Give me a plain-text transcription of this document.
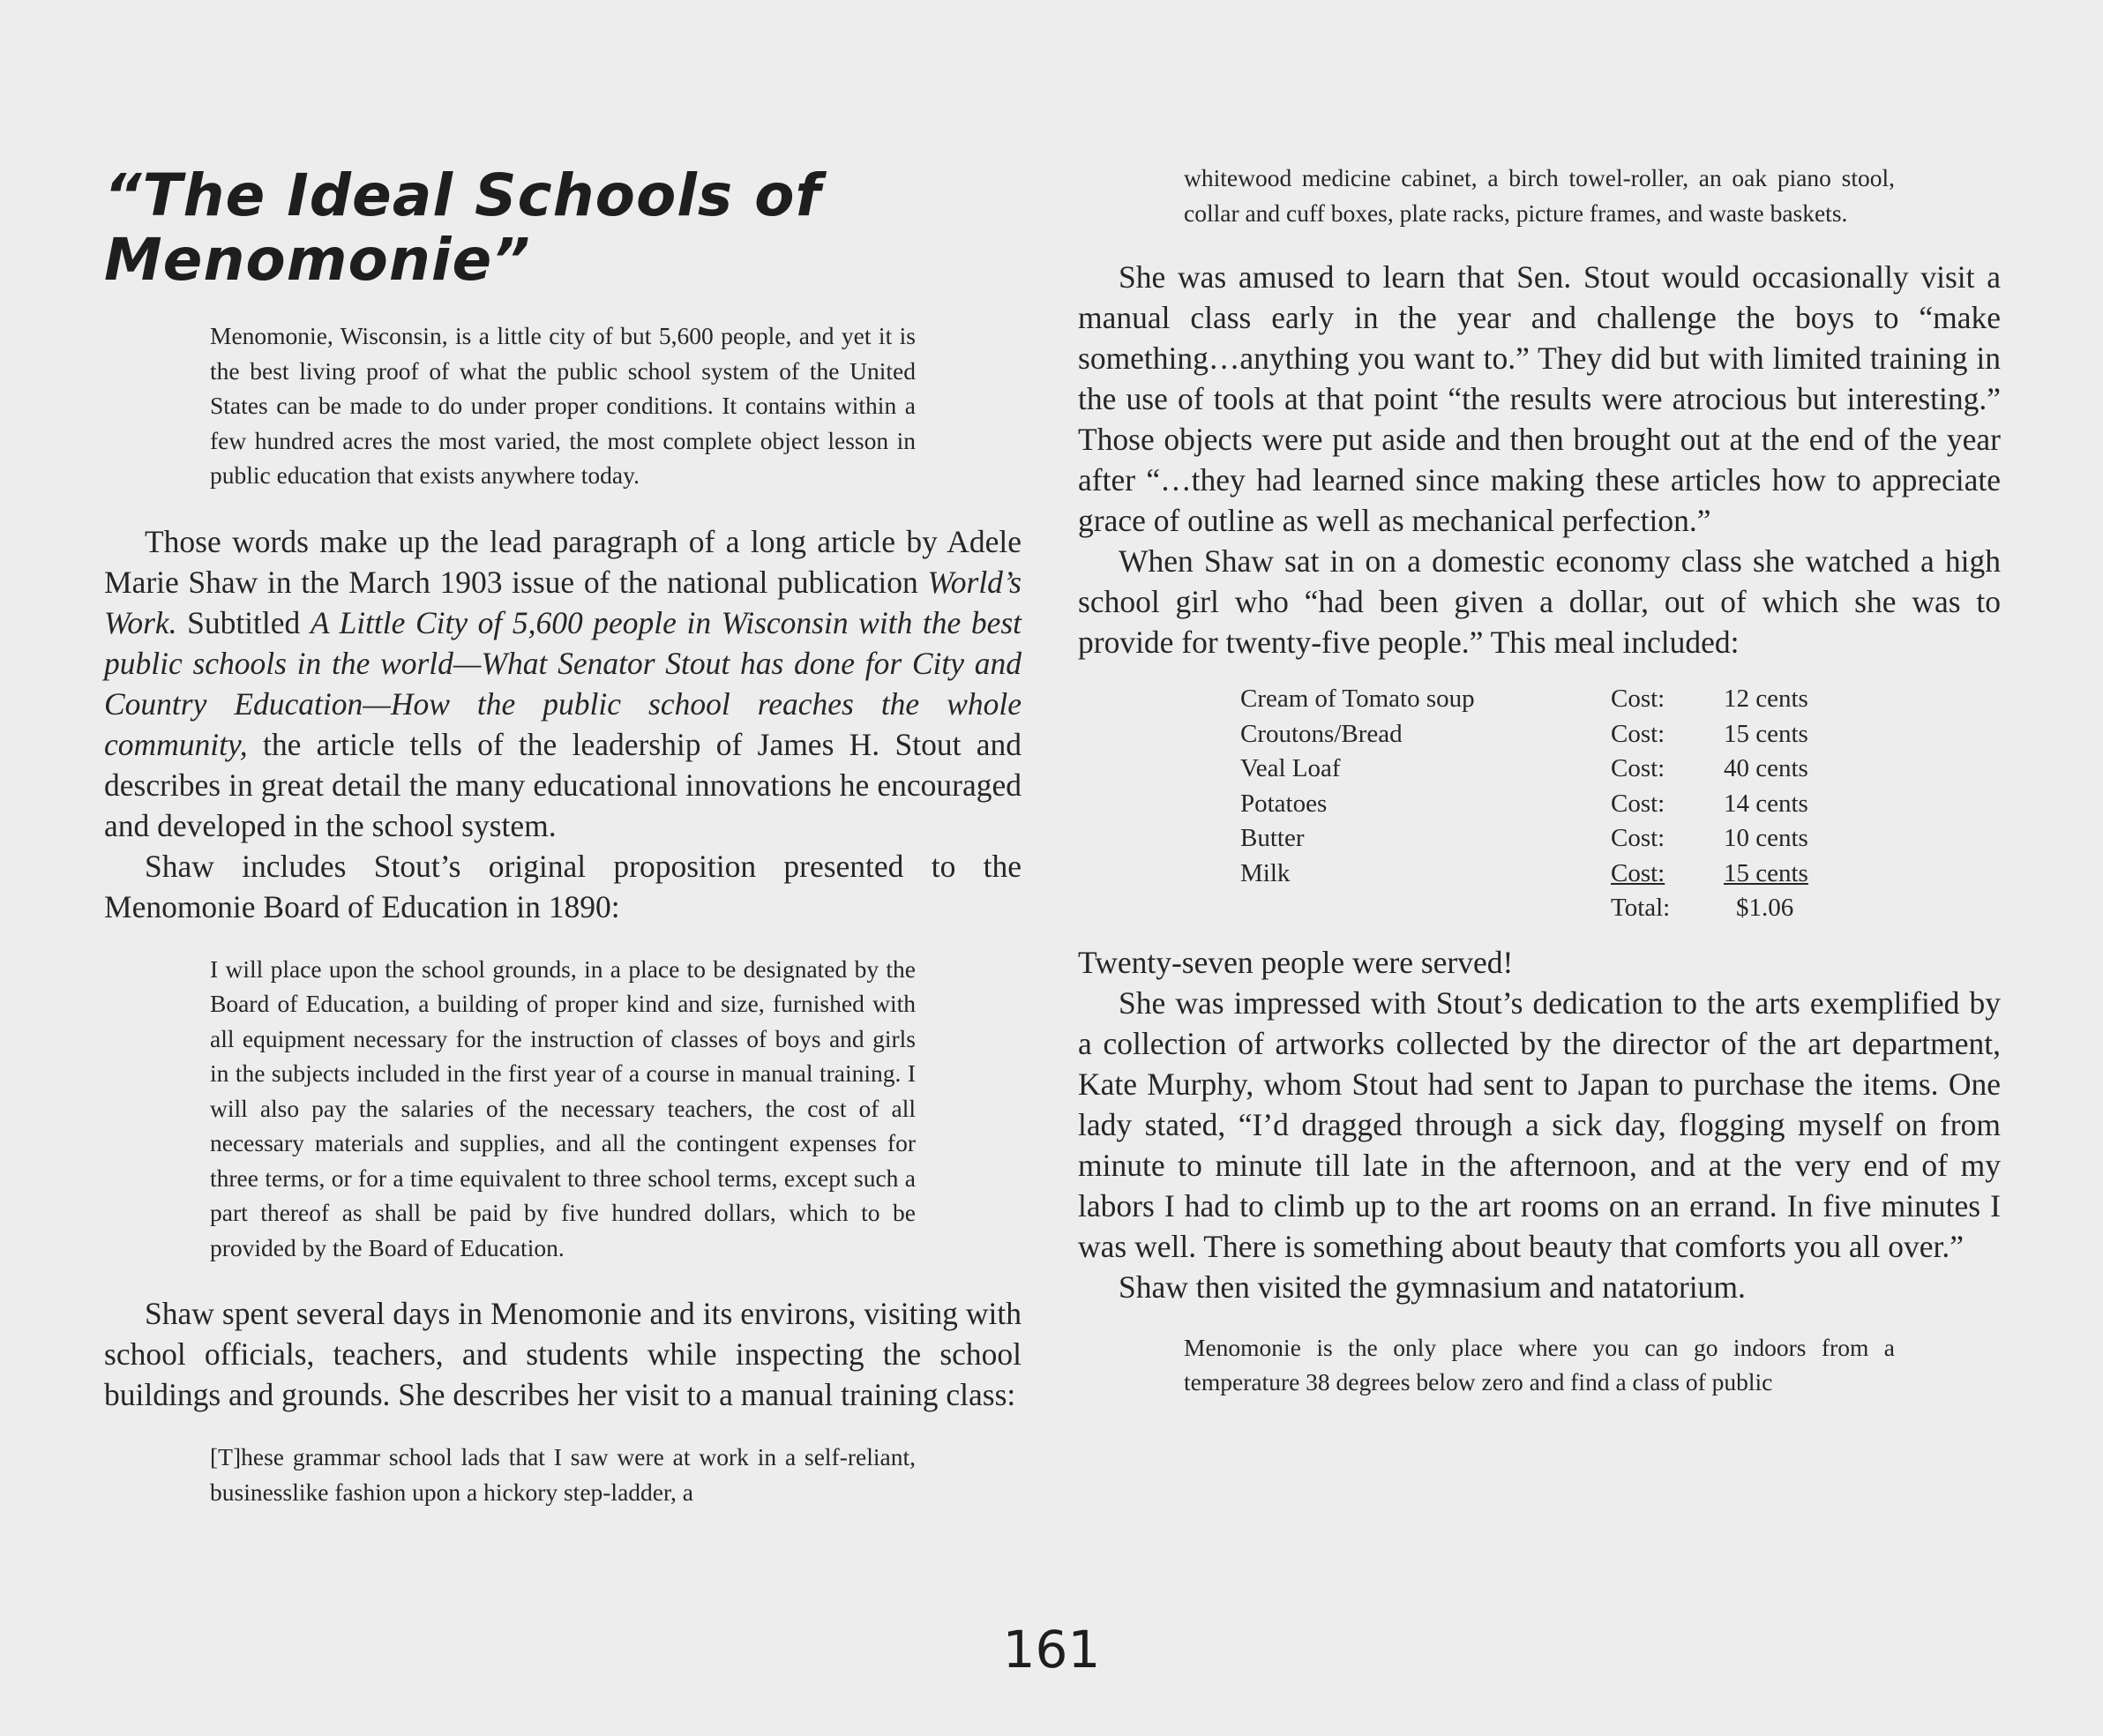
“The Ideal Schools of Menomonie”
Menomonie, Wisconsin, is a little city of but 5,600 people, and yet it is the best living proof of what the public school system of the United States can be made to do under proper conditions. It contains within a few hundred acres the most varied, the most complete object lesson in public education that exists anywhere today.

Those words make up the lead paragraph of a long article by Adele Marie Shaw in the March 1903 issue of the national publication World’s Work. Subtitled A Little City of 5,600 people in Wisconsin with the best public schools in the world—What Senator Stout has done for City and Country Education—How the public school reaches the whole community, the article tells of the leadership of James H. Stout and describes in great detail the many educational innovations he encouraged and developed in the school system.

Shaw includes Stout’s original proposition presented to the Menomonie Board of Education in 1890:

I will place upon the school grounds, in a place to be designated by the Board of Education, a building of proper kind and size, furnished with all equipment necessary for the instruction of classes of boys and girls in the subjects included in the first year of a course in manual training. I will also pay the salaries of the necessary teachers, the cost of all necessary materials and supplies, and all the contingent expenses for three terms, or for a time equivalent to three school terms, except such a part thereof as shall be paid by five hundred dollars, which to be provided by the Board of Education.

Shaw spent several days in Menomonie and its environs, visiting with school officials, teachers, and students while inspecting the school buildings and grounds. She describes her visit to a manual training class:

[T]hese grammar school lads that I saw were at work in a self-reliant, businesslike fashion upon a hickory step-ladder, a
whitewood medicine cabinet, a birch towel-roller, an oak piano stool, collar and cuff boxes, plate racks, picture frames, and waste baskets.

She was amused to learn that Sen. Stout would occasionally visit a manual class early in the year and challenge the boys to “make something…anything you want to.” They did but with limited training in the use of tools at that point “the results were atrocious but interesting.” Those objects were put aside and then brought out at the end of the year after “…they had learned since making these articles how to appreciate grace of outline as well as mechanical perfection.”

When Shaw sat in on a domestic economy class she watched a high school girl who “had been given a dollar, out of which she was to provide for twenty-five people.” This meal included:

Cream of Tomato soup	Cost:	12 cents
Croutons/Bread	Cost:	15 cents
Veal Loaf	Cost:	40 cents
Potatoes	Cost:	14 cents
Butter	Cost:	10 cents
Milk	Cost:	15 cents
	Total:	$1.06

Twenty-seven people were served!

She was impressed with Stout’s dedication to the arts exemplified by a collection of artworks collected by the director of the art department, Kate Murphy, whom Stout had sent to Japan to purchase the items. One lady stated, “I’d dragged through a sick day, flogging myself on from minute to minute till late in the afternoon, and at the very end of my labors I had to climb up to the art rooms on an errand. In five minutes I was well. There is something about beauty that comforts you all over.”

Shaw then visited the gymnasium and natatorium.

Menomonie is the only place where you can go indoors from a temperature 38 degrees below zero and find a class of public
161
